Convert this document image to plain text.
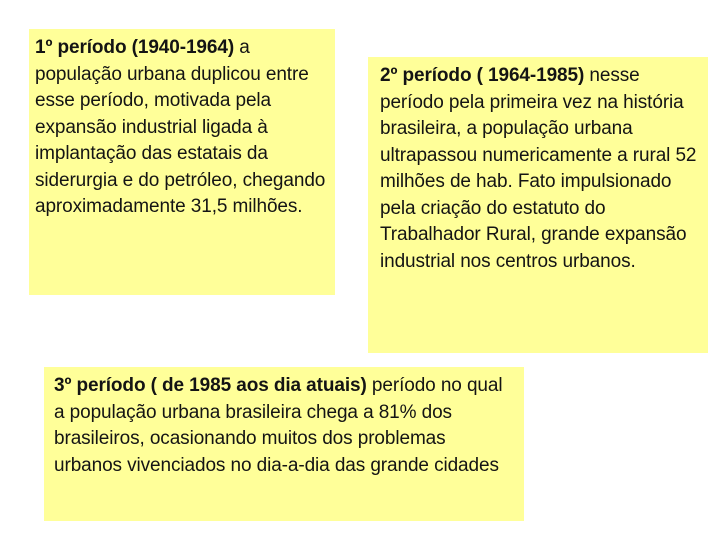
1º período (1940-1964) a população urbana duplicou entre esse período, motivada pela expansão industrial ligada à implantação das estatais da siderurgia e do petróleo, chegando aproximadamente 31,5 milhões.
2º período ( 1964-1985) nesse período pela primeira vez na história brasileira, a população urbana ultrapassou numericamente a rural 52 milhões de hab. Fato impulsionado pela criação do estatuto do Trabalhador Rural, grande expansão industrial nos centros urbanos.
3º período ( de 1985 aos dia atuais) período no qual a população urbana brasileira chega a 81% dos brasileiros, ocasionando muitos dos problemas urbanos vivenciados no dia-a-dia das grande cidades
